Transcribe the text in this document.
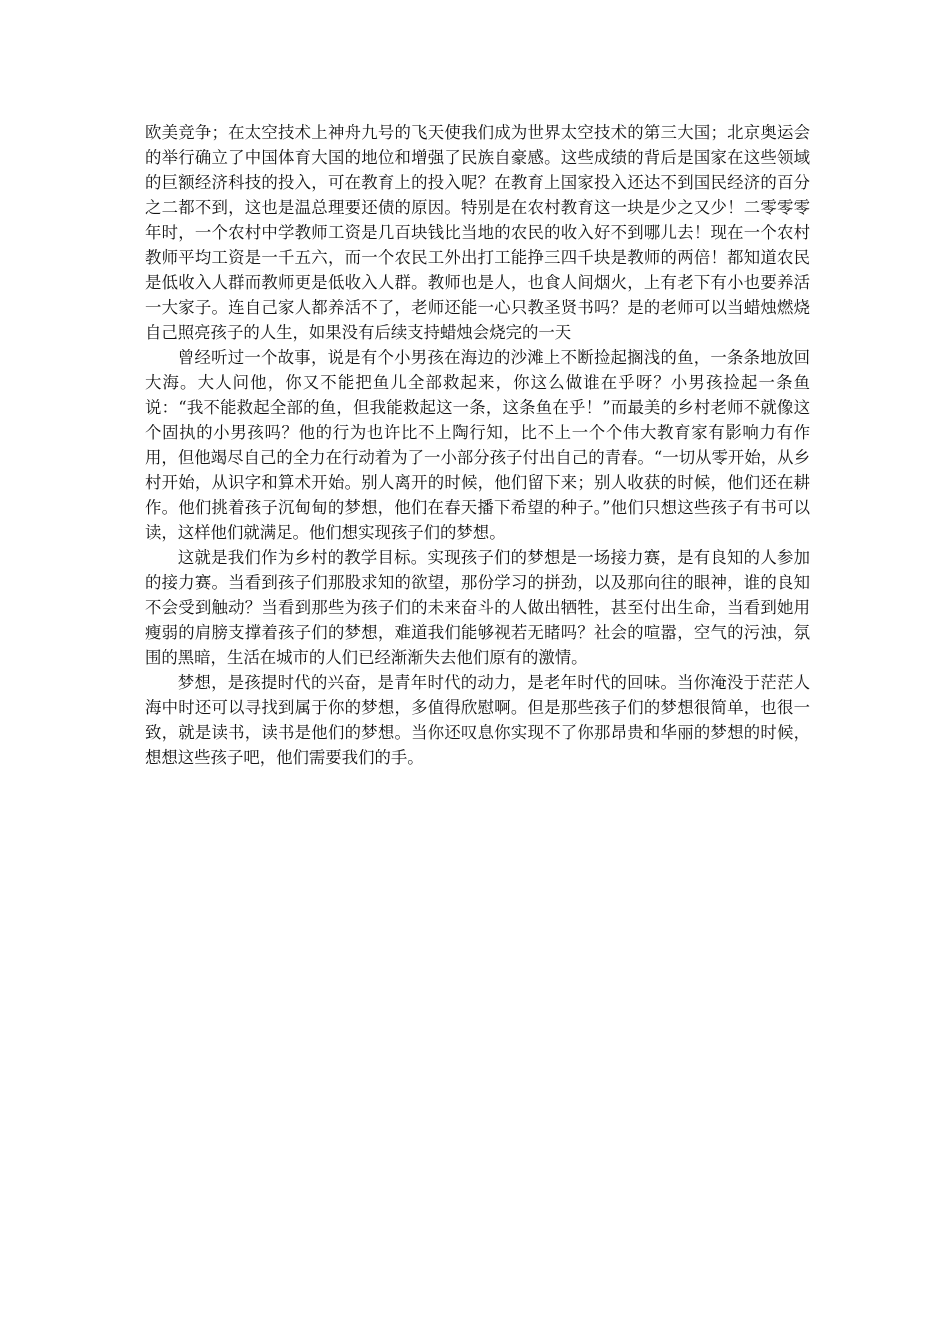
欧美竞争；在太空技术上神舟九号的飞天使我们成为世界太空技术的第三大国；北京奥运会的举行确立了中国体育大国的地位和增强了民族自豪感。这些成绩的背后是国家在这些领域的巨额经济科技的投入，可在教育上的投入呢？在教育上国家投入还达不到国民经济的百分之二都不到，这也是温总理要还债的原因。特别是在农村教育这一块是少之又少！二零零零年时，一个农村中学教师工资是几百块钱比当地的农民的收入好不到哪儿去！现在一个农村教师平均工资是一千五六，而一个农民工外出打工能挣三四千块是教师的两倍！都知道农民是低收入人群而教师更是低收入人群。教师也是人，也食人间烟火，上有老下有小也要养活一大家子。连自己家人都养活不了，老师还能一心只教圣贤书吗？是的老师可以当蜡烛燃烧自己照亮孩子的人生，如果没有后续支持蜡烛会烧完的一天

曾经听过一个故事，说是有个小男孩在海边的沙滩上不断捡起搁浅的鱼，一条条地放回大海。大人问他，你又不能把鱼儿全部救起来，你这么做谁在乎呀？小男孩捡起一条鱼说：“我不能救起全部的鱼，但我能救起这一条，这条鱼在乎！”而最美的乡村老师不就像这个固执的小男孩吗？他的行为也许比不上陶行知，比不上一个个伟大教育家有影响力有作用，但他竭尽自己的全力在行动着为了一小部分孩子付出自己的青春。“一切从零开始，从乡村开始，从识字和算术开始。别人离开的时候，他们留下来；别人收获的时候，他们还在耕作。他们挑着孩子沉甸甸的梦想，他们在春天播下希望的种子。”他们只想这些孩子有书可以读，这样他们就满足。他们想实现孩子们的梦想。

这就是我们作为乡村的教学目标。实现孩子们的梦想是一场接力赛，是有良知的人参加的接力赛。当看到孩子们那股求知的欲望，那份学习的拼劲，以及那向往的眼神，谁的良知不会受到触动？当看到那些为孩子们的未来奋斗的人做出牺牲，甚至付出生命，当看到她用瘦弱的肩膀支撑着孩子们的梦想，难道我们能够视若无睹吗？社会的喧嚣，空气的污浊，氛围的黑暗，生活在城市的人们已经渐渐失去他们原有的激情。

梦想，是孩提时代的兴奋，是青年时代的动力，是老年时代的回味。当你淹没于茫茫人海中时还可以寻找到属于你的梦想，多值得欣慰啊。但是那些孩子们的梦想很简单，也很一致，就是读书，读书是他们的梦想。当你还叹息你实现不了你那昂贵和华丽的梦想的时候，想想这些孩子吧，他们需要我们的手。
